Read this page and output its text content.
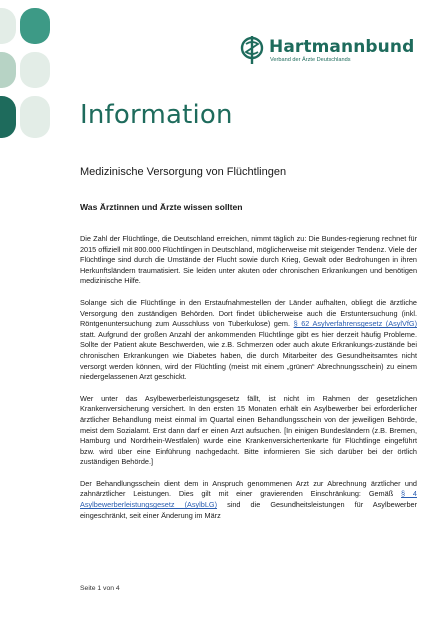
Hartmannbund
Verband der Ärzte Deutschlands
Information
Medizinische Versorgung von Flüchtlingen
Was Ärztinnen und Ärzte wissen sollten

Die Zahl der Flüchtlinge, die Deutschland erreichen, nimmt täglich zu: Die Bundes-regierung rechnet für 2015 offiziell mit 800.000 Flüchtlingen in Deutschland, möglicherweise mit steigender Tendenz. Viele der Flüchtlinge sind durch die Umstände der Flucht sowie durch Krieg, Gewalt oder Bedrohungen in ihren Herkunftsländern traumatisiert. Sie leiden unter akuten oder chronischen Erkrankungen und benötigen medizinische Hilfe.

Solange sich die Flüchtlinge in den Erstaufnahmestellen der Länder aufhalten, obliegt die ärztliche Versorgung den zuständigen Behörden. Dort findet üblicherweise auch die Erstuntersuchung (inkl. Röntgenuntersuchung zum Ausschluss von Tuberkulose) gem. § 62 Asylverfahrensgesetz (AsylVfG) statt. Aufgrund der großen Anzahl der ankommenden Flüchtlinge gibt es hier derzeit häufig Probleme. Sollte der Patient akute Beschwerden, wie z.B. Schmerzen oder auch akute Erkrankungs-zustände bei chronischen Erkrankungen wie Diabetes haben, die durch Mitarbeiter des Gesundheitsamtes nicht versorgt werden können, wird der Flüchtling (meist mit einem „grünen“ Abrechnungsschein) zu einem niedergelassenen Arzt geschickt.

Wer unter das Asylbewerberleistungsgesetz fällt, ist nicht im Rahmen der gesetzlichen Krankenversicherung versichert. In den ersten 15 Monaten erhält ein Asylbewerber bei erforderlicher ärztlicher Behandlung meist einmal im Quartal einen Behandlungsschein von der jeweiligen Behörde, meist dem Sozialamt. Erst dann darf er einen Arzt aufsuchen. [In einigen Bundesländern (z.B. Bremen, Hamburg und Nordrhein-Westfalen) wurde eine Krankenversichertenkarte für Flüchtlinge eingeführt bzw. wird über eine Einführung nachgedacht. Bitte informieren Sie sich darüber bei der örtlich zuständigen Behörde.]

Der Behandlungsschein dient dem in Anspruch genommenen Arzt zur Abrechnung ärztlicher und zahnärztlicher Leistungen. Dies gilt mit einer gravierenden Einschränkung: Gemäß § 4 Asylbewerberleistungsgesetz (AsylbLG) sind die Gesundheitsleistungen für Asylbewerber eingeschränkt, seit einer Änderung im März

Seite 1 von 4
